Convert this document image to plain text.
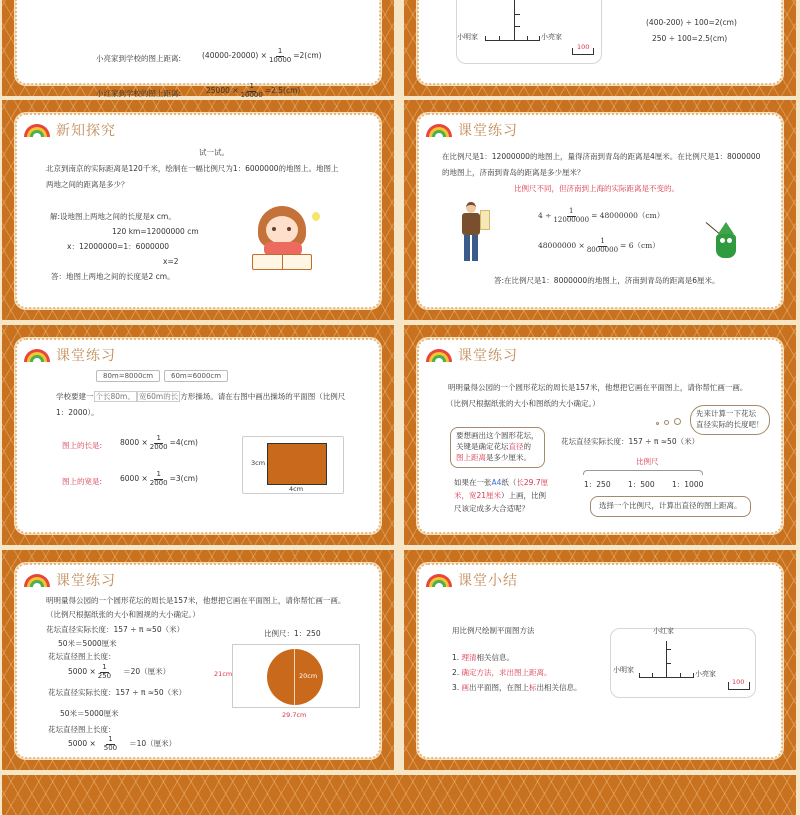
小亮家到学校的图上距离:	$(40000-20000) \times \frac{1}{10000} =2(cm)$
小红家到学校的图上距离:	$25000 \times \frac{1}{10000} =2.5(cm)$
小明家	小亮家
100
(400-200) ÷ 100=2(cm)
250 ÷ 100=2.5(cm)
新知探究
试一试。
北京到南京的实际距离是120千米，绘制在一幅比例尺为1：6000000的地图上。地图上
两地之间的距离是多少？
解:设地图上两地之间的长度是x cm。
120 km=12000000 cm
x：12000000=1：6000000
x=2
答：地图上两地之间的长度是2 cm。
课堂练习
在比例尺是1：12000000的地图上，量得济南到青岛的距离是4厘米。在比例尺是1：8000000
的地图上，济南到青岛的距离是多少厘米？
比例尺不同，但济南到上海的实际距离是不变的。
$4 \div \frac{1}{12000000} = 48000000(cm)$
$48000000 \times \frac{1}{8000000} = 6(cm)$
答:在比例尺是1：8000000的地图上，济南到青岛的距离是6厘米。
课堂练习
80m=8000cm	60m=6000cm
学校要建一 个长80m、 宽60m的长 方形操场。请在右图中画出操场的平面图（比例尺
1：2000）。
图上的长是: $8000 \times \frac{1}{2000} =4(cm)$
图上的宽是: $6000 \times \frac{1}{2000} =3(cm)$
3cm
4cm
课堂练习
明明量得公园的一个圆形花坛的周长是157米，他想把它画在平面图上，请你帮忙画一画。
（比例尺根据纸张的大小和图纸的大小确定。）
先来计算一下花坛
直径实际的长度吧！
要想画出这个圆形花坛，
关键是确定花坛直径的
图上距离是多少厘米。
花坛直径实际长度：157 ÷ π ≈50（米）
比例尺
1：250 1：500 1：1000
如果在一张A4纸（长29.7厘
米，宽21厘米）上画，比例
尺该定成多大合适呢？	选择一个比例尺，计算出直径的图上距离。
课堂练习
明明量得公园的一个圆形花坛的周长是157米，他想把它画在平面图上，请你帮忙画一画。
（比例尺根据纸张的大小和圆规的大小确定。）
花坛直径实际长度：157 ÷ π ≈50（米）
50米＝5000厘米
花坛直径图上长度：
$5000 \times \frac{1}{250} =20$（厘米）
花坛直径实际长度：157 ÷ π ≈50（米）
50米＝5000厘米
花坛直径图上长度：
$5000 \times \frac{1}{500} =10$（厘米）
比例尺：1：250
20cm
21cm
29.7cm
课堂小结
用比例尺绘制平面图方法
1. 理清相关信息。
2. 确定方法，求出图上距离。
3. 画出平面图，在图上标出相关信息。
小红家
小明家	小亮家
100
